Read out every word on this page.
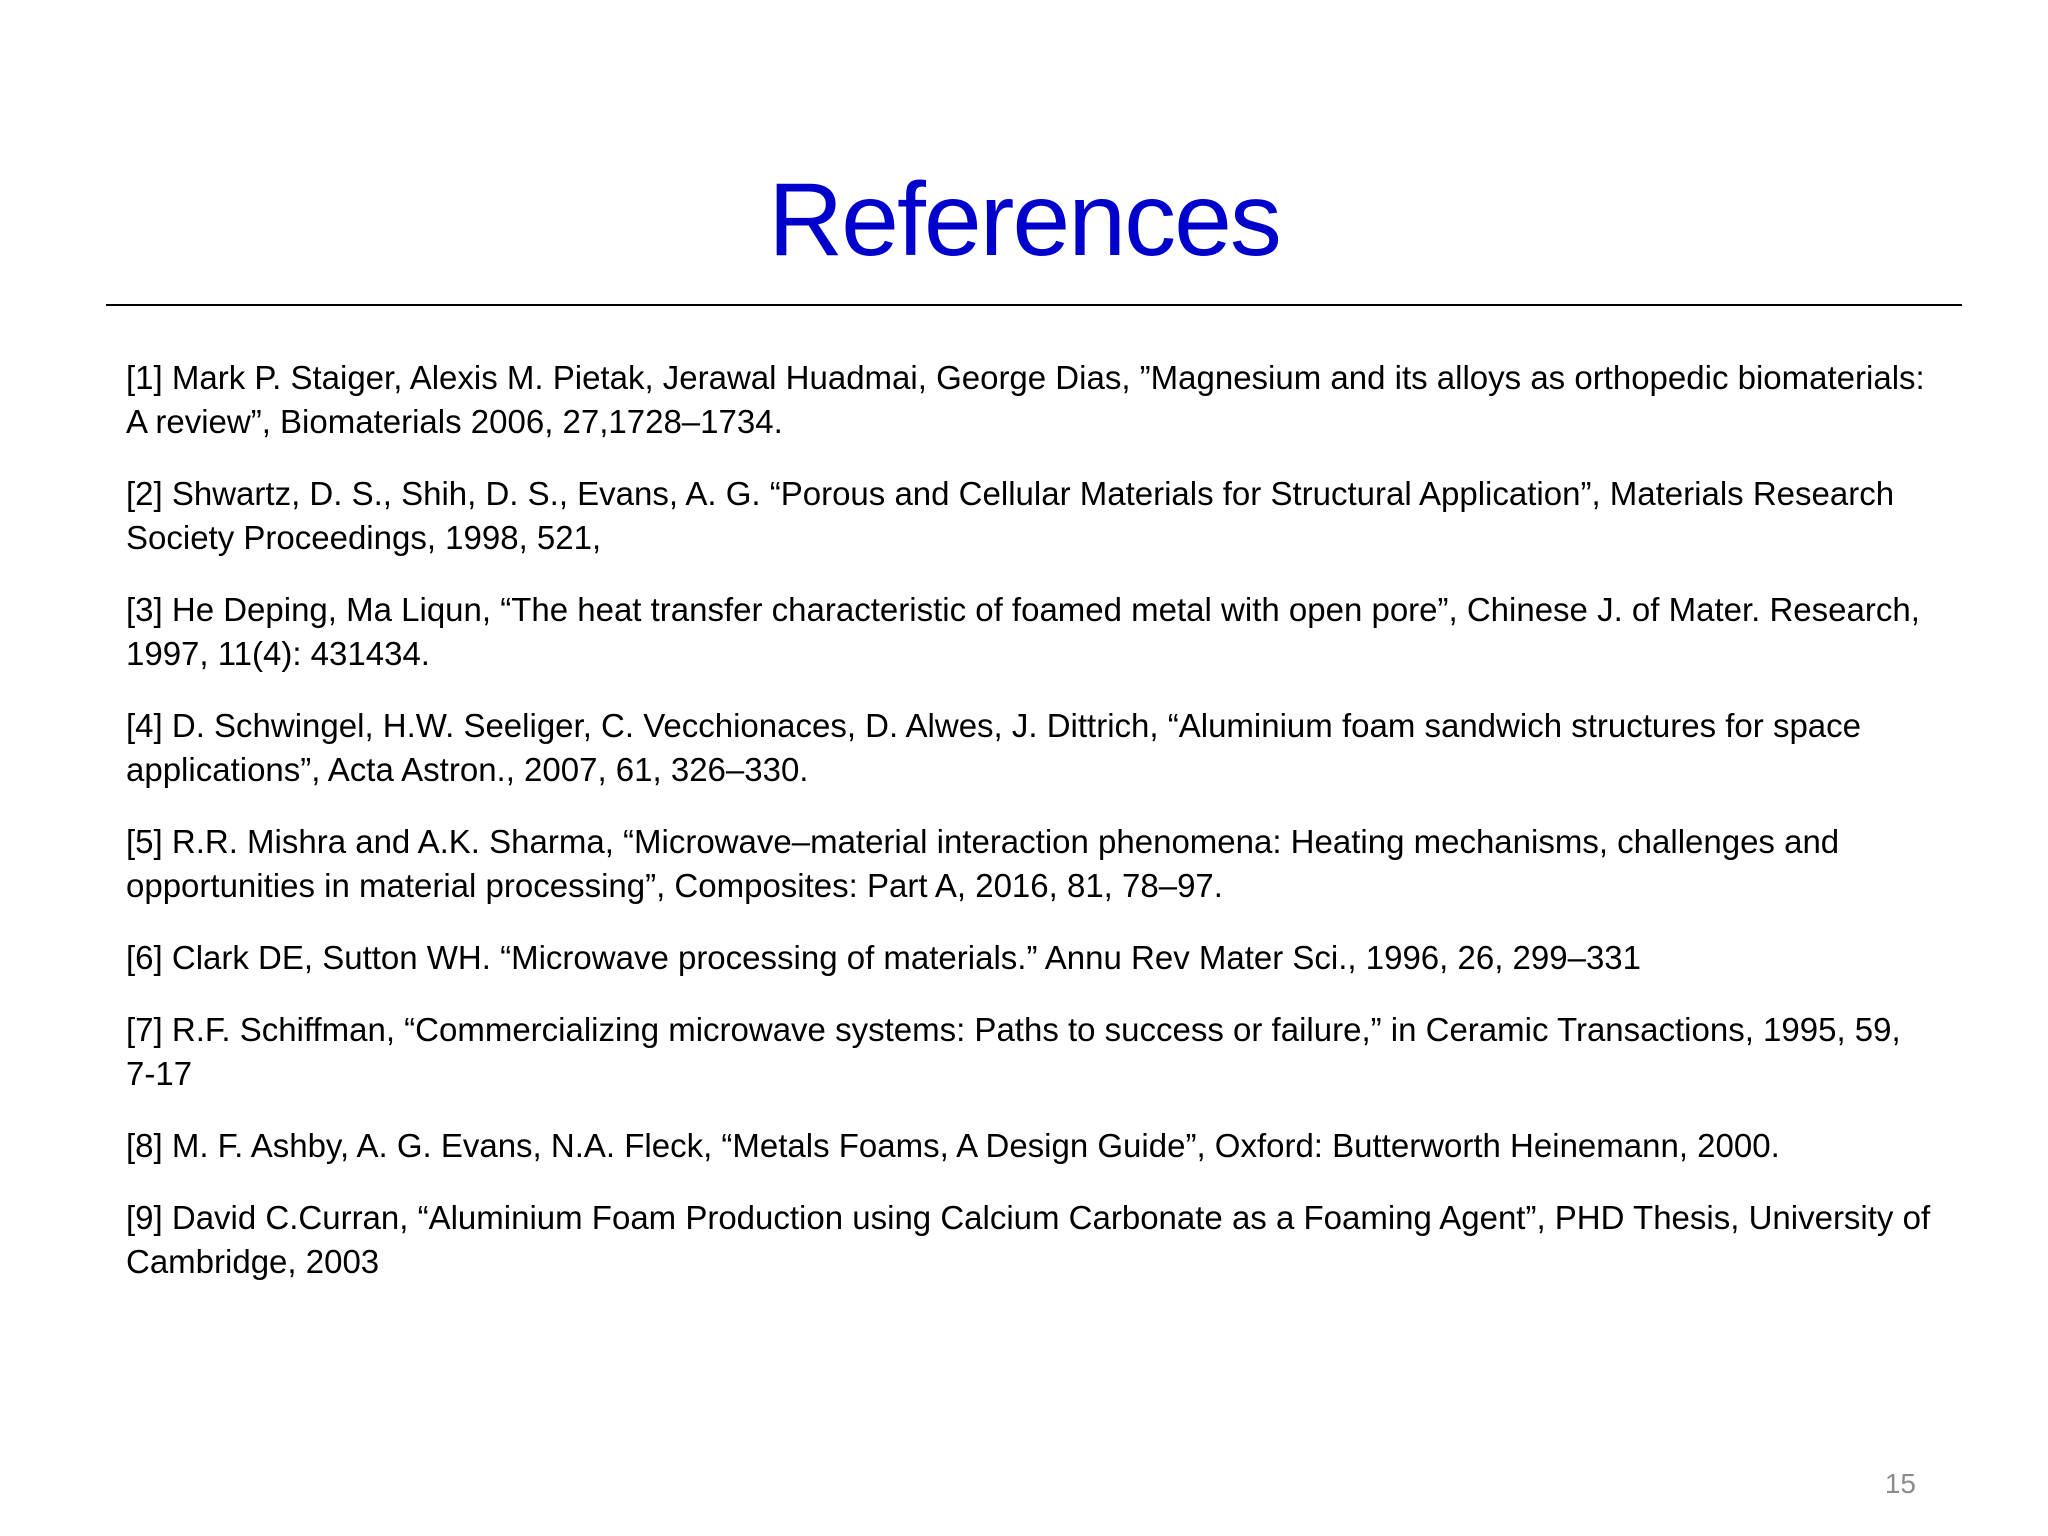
References
[1] Mark P. Staiger, Alexis M. Pietak, Jerawal Huadmai, George Dias, ”Magnesium and its alloys as orthopedic biomaterials: A review”, Biomaterials 2006, 27,1728–1734.
[2] Shwartz, D. S., Shih, D. S., Evans, A. G. “Porous and Cellular Materials for Structural Application”, Materials Research Society Proceedings, 1998, 521,
[3] He Deping, Ma Liqun, “The heat transfer characteristic of foamed metal with open pore”, Chinese J. of Mater. Research, 1997, 11(4): 431434.
[4] D. Schwingel, H.W. Seeliger, C. Vecchionaces, D. Alwes, J. Dittrich, “Aluminium foam sandwich structures for space applications”, Acta Astron., 2007, 61, 326–330.
[5] R.R. Mishra and A.K. Sharma, “Microwave–material interaction phenomena: Heating mechanisms, challenges and opportunities in material processing”, Composites: Part A, 2016, 81, 78–97.
[6] Clark DE, Sutton WH. “Microwave processing of materials.” Annu Rev Mater Sci., 1996, 26, 299–331
[7] R.F. Schiffman, “Commercializing microwave systems: Paths to success or failure,” in Ceramic Transactions, 1995, 59, 7-17
[8] M. F. Ashby, A. G. Evans, N.A. Fleck, “Metals Foams, A Design Guide”, Oxford: Butterworth Heinemann, 2000.
[9] David C.Curran, “Aluminium Foam Production using Calcium Carbonate as a Foaming Agent”, PHD Thesis, University of Cambridge, 2003
15
